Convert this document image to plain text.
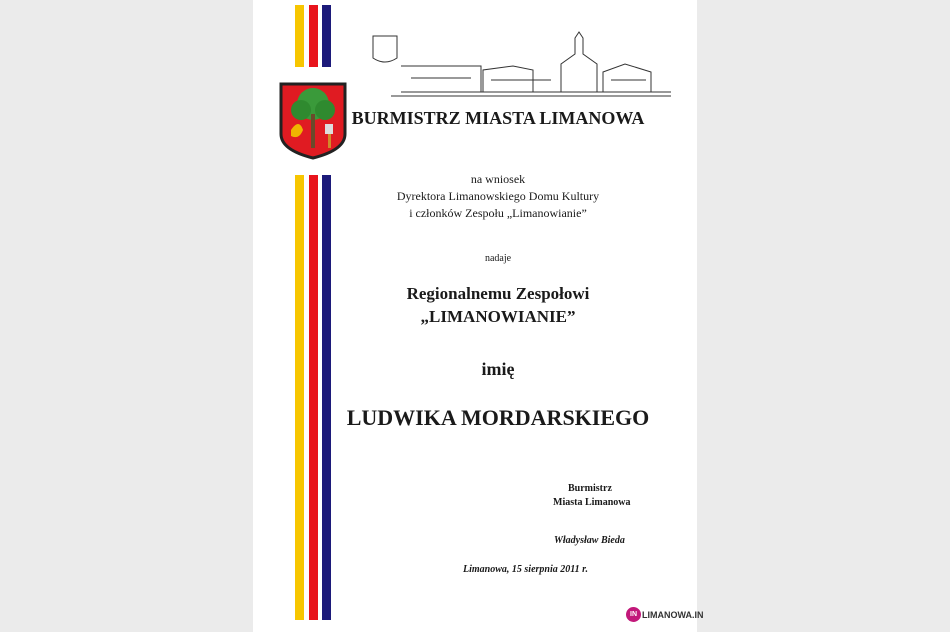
BURMISTRZ MIASTA LIMANOWA
na wniosek
Dyrektora Limanowskiego Domu Kultury
i członków Zespołu „Limanowianie”
nadaje
Regionalnemu Zespołowi
„LIMANOWIANIE”
imię
LUDWIKA MORDARSKIEGO
Burmistrz
Miasta Limanowa
Władysław Bieda
Limanowa, 15 sierpnia 2011 r.
IN LIMANOWA.IN
